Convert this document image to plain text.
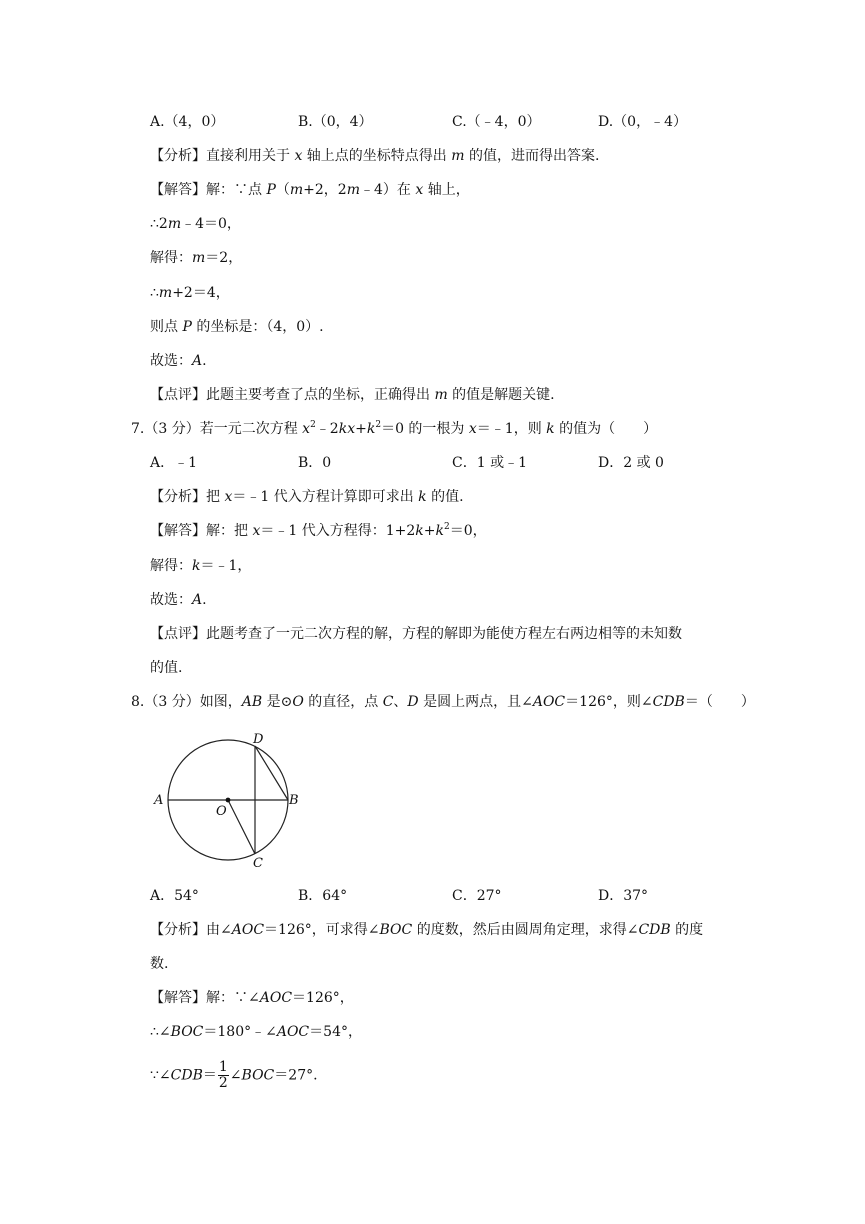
A.（4，0）	B.（0，4）	C.（﹣4，0）	D.（0，﹣4）
【分析】直接利用关于 x 轴上点的坐标特点得出 m 的值，进而得出答案.
【解答】解：∵点 P（m+2，2m﹣4）在 x 轴上，
∴2m﹣4＝0，
解得：m＝2，
∴m+2＝4，
则点 P 的坐标是：（4，0）.
故选：A.
【点评】此题主要考查了点的坐标，正确得出 m 的值是解题关键.
7.（3 分）若一元二次方程 $x^2﹣2kx+k^2=0$ 的一根为 x＝﹣1，则 k 的值为（　　）
A．﹣1	B．0	C．1 或﹣1	D．2 或 0
【分析】把 x＝﹣1 代入方程计算即可求出 k 的值.
【解答】解：把 x＝﹣1 代入方程得：$1+2k+k^2=0$，
解得：k＝﹣1，
故选：A.
【点评】此题考查了一元二次方程的解，方程的解即为能使方程左右两边相等的未知数
的值.
8.（3 分）如图，AB 是⊙O 的直径，点 C、D 是圆上两点，且∠AOC＝126°，则∠CDB＝（　　）
A	B
C
D
O
A．54°	B．64°	C．27°	D．37°
【分析】由∠AOC＝126°，可求得∠BOC 的度数，然后由圆周角定理，求得∠CDB 的度
数.
【解答】解：∵∠AOC＝126°，
∴∠BOC＝180°﹣∠AOC＝54°，
∵∠CDB＝ $\frac{1}{2}$ ∠BOC＝27°.
